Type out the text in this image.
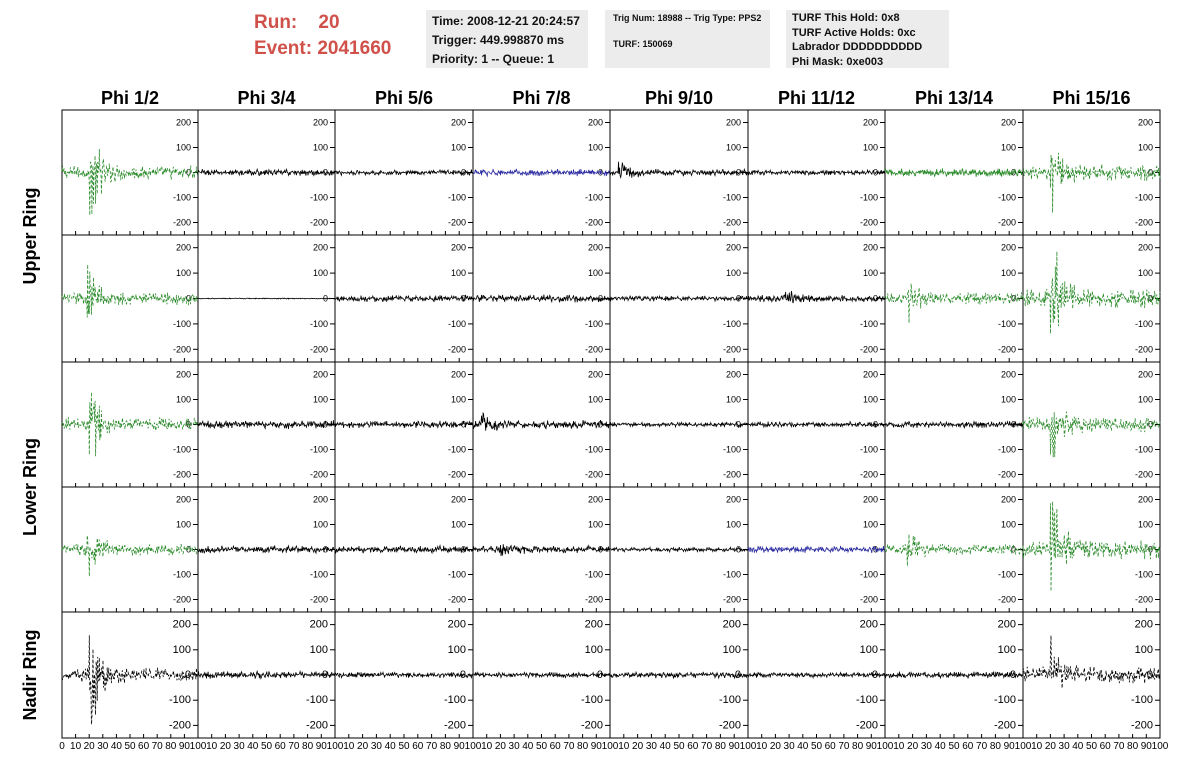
Run: 20
Event: 2041660
Time: 2008-12-21 20:24:57
Trigger: 449.998870 ms
Priority: 1 -- Queue: 1
Trig Num: 18988 -- Trig Type: PPS2
TURF: 150069
TURF This Hold: 0x8
TURF Active Holds: 0xc
Labrador DDDDDDDDDD
Phi Mask: 0xe003
Phi 1/2	Phi 3/4	Phi 5/6	Phi 7/8	Phi 9/10	Phi 11/12	Phi 13/14	Phi 15/16
Upper Ring
Lower Ring
Nadir Ring
200
100
0
-100
-200
200
100
0
-100
-200
200
100
0
-100
-200
200
100
0
-100
-200
200
100
0
-100
-200
200
100
0
-100
-200
200
100
0
-100
-200
200
100
0
-100
-200
200
100
0
-100
-200
200
100
0
-100
-200
200
100
0
-100
-200
200
100
0
-100
-200
200
100
0
-100
-200
200
100
0
-100
-200
200
100
0
-100
-200
200
100
0
-100
-200
200
100
0
-100
-200
200
100
0
-100
-200
200
100
0
-100
-200
200
100
0
-100
-200
200
100
0
-100
-200
200
100
0
-100
-200
200
100
0
-100
-200
200
100
0
-100
-200
200
100
0
-100
-200
200
100
0
-100
-200
200
100
0
-100
-200
200
100
0
-100
-200
200
100
0
-100
-200
200
100
0
-100
-200
200
100
0
-100
-200
200
100
0
-100
-200
200
100
0
-100
-200
200
100
0
-100
-200
200
100
0
-100
-200
200
100
0
-100
-200
200
100
0
-100
-200
200
100
0
-100
-200
200
100
0
-100
-200
200
100
0
-100
-200
0 10 20 30 40 50 60 70 80 90 100 10 20 30 40 50 60 70 80 90 100 10 20 30 40 50 60 70 80 90 100 10 20 30 40 50 60 70 80 90 100 10 20 30 40 50 60 70 80 90 100 10 20 30 40 50 60 70 80 90 100 10 20 30 40 50 60 70 80 90 100 10 20 30 40 50 60 70 80 90 100
